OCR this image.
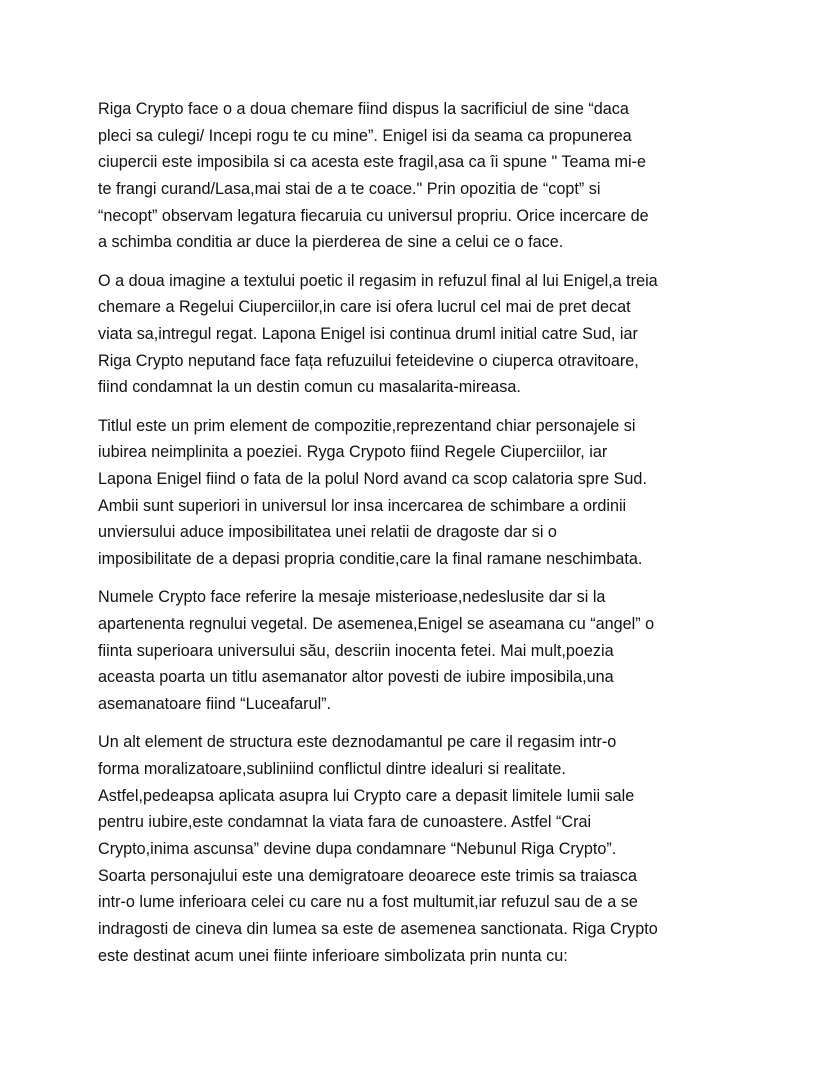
Riga Crypto face o a doua chemare fiind dispus la sacrificiul de sine “daca
pleci sa culegi/ Incepi rogu te cu mine”. Enigel isi da seama ca propunerea
ciupercii este imposibila si ca acesta este fragil,asa ca îi spune " Teama mi-e
te frangi curand/Lasa,mai stai de a te coace." Prin opozitia de “copt” si
“necopt” observam legatura fiecaruia cu universul propriu. Orice incercare de
a schimba conditia ar duce la pierderea de sine a celui ce o face.
O a doua imagine a textului poetic il regasim in refuzul final al lui Enigel,a treia
chemare a Regelui Ciuperciilor,in care isi ofera lucrul cel mai de pret decat
viata sa,intregul regat. Lapona Enigel isi continua druml initial catre Sud, iar
Riga Crypto neputand face fața refuzuilui feteidevine o ciuperca otravitoare,
fiind condamnat la un destin comun cu masalarita-mireasa.
Titlul este un prim element de compozitie,reprezentand chiar personajele si
iubirea neimplinita a poeziei. Ryga Crypoto fiind Regele Ciuperciilor, iar
Lapona Enigel fiind o fata de la polul Nord avand ca scop calatoria spre Sud.
Ambii sunt superiori in universul lor insa incercarea de schimbare a ordinii
unviersului aduce imposibilitatea unei relatii de dragoste dar si o
imposibilitate de a depasi propria conditie,care la final ramane neschimbata.
Numele Crypto face referire la mesaje misterioase,nedeslusite dar si la
apartenenta regnului vegetal. De asemenea,Enigel se aseamana cu “angel” o
fiinta superioara universului său, descriin inocenta fetei. Mai mult,poezia
aceasta poarta un titlu asemanator altor povesti de iubire imposibila,una
asemanatoare fiind “Luceafarul”.
Un alt element de structura este deznodamantul pe care il regasim intr-o
forma moralizatoare,subliniind conflictul dintre idealuri si realitate.
Astfel,pedeapsa aplicata asupra lui Crypto care a depasit limitele lumii sale
pentru iubire,este condamnat la viata fara de cunoastere. Astfel “Crai
Crypto,inima ascunsa” devine dupa condamnare “Nebunul Riga Crypto”.
Soarta personajului este una demigratoare deoarece este trimis sa traiasca
intr-o lume inferioara celei cu care nu a fost multumit,iar refuzul sau de a se
indragosti de cineva din lumea sa este de asemenea sanctionata. Riga Crypto
este destinat acum unei fiinte inferioare simbolizata prin nunta cu:
